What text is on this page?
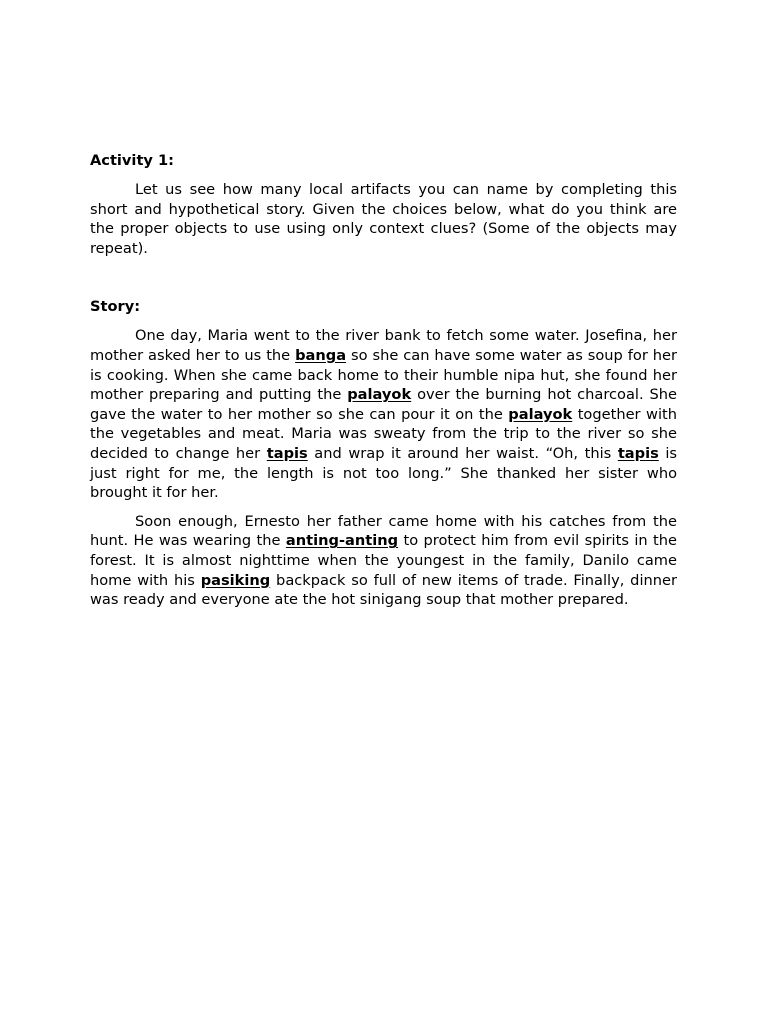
Activity 1:

Let us see how many local artifacts you can name by completing this short and hypothetical story. Given the choices below, what do you think are the proper objects to use using only context clues? (Some of the objects may repeat).

Story:

One day, Maria went to the river bank to fetch some water. Josefina, her mother asked her to us the banga so she can have some water as soup for her is cooking. When she came back home to their humble nipa hut, she found her mother preparing and putting the palayok over the burning hot charcoal. She gave the water to her mother so she can pour it on the palayok together with the vegetables and meat. Maria was sweaty from the trip to the river so she decided to change her tapis and wrap it around her waist. “Oh, this tapis is just right for me, the length is not too long.” She thanked her sister who brought it for her.

Soon enough, Ernesto her father came home with his catches from the hunt. He was wearing the anting-anting to protect him from evil spirits in the forest. It is almost nighttime when the youngest in the family, Danilo came home with his pasiking backpack so full of new items of trade. Finally, dinner was ready and everyone ate the hot sinigang soup that mother prepared.
